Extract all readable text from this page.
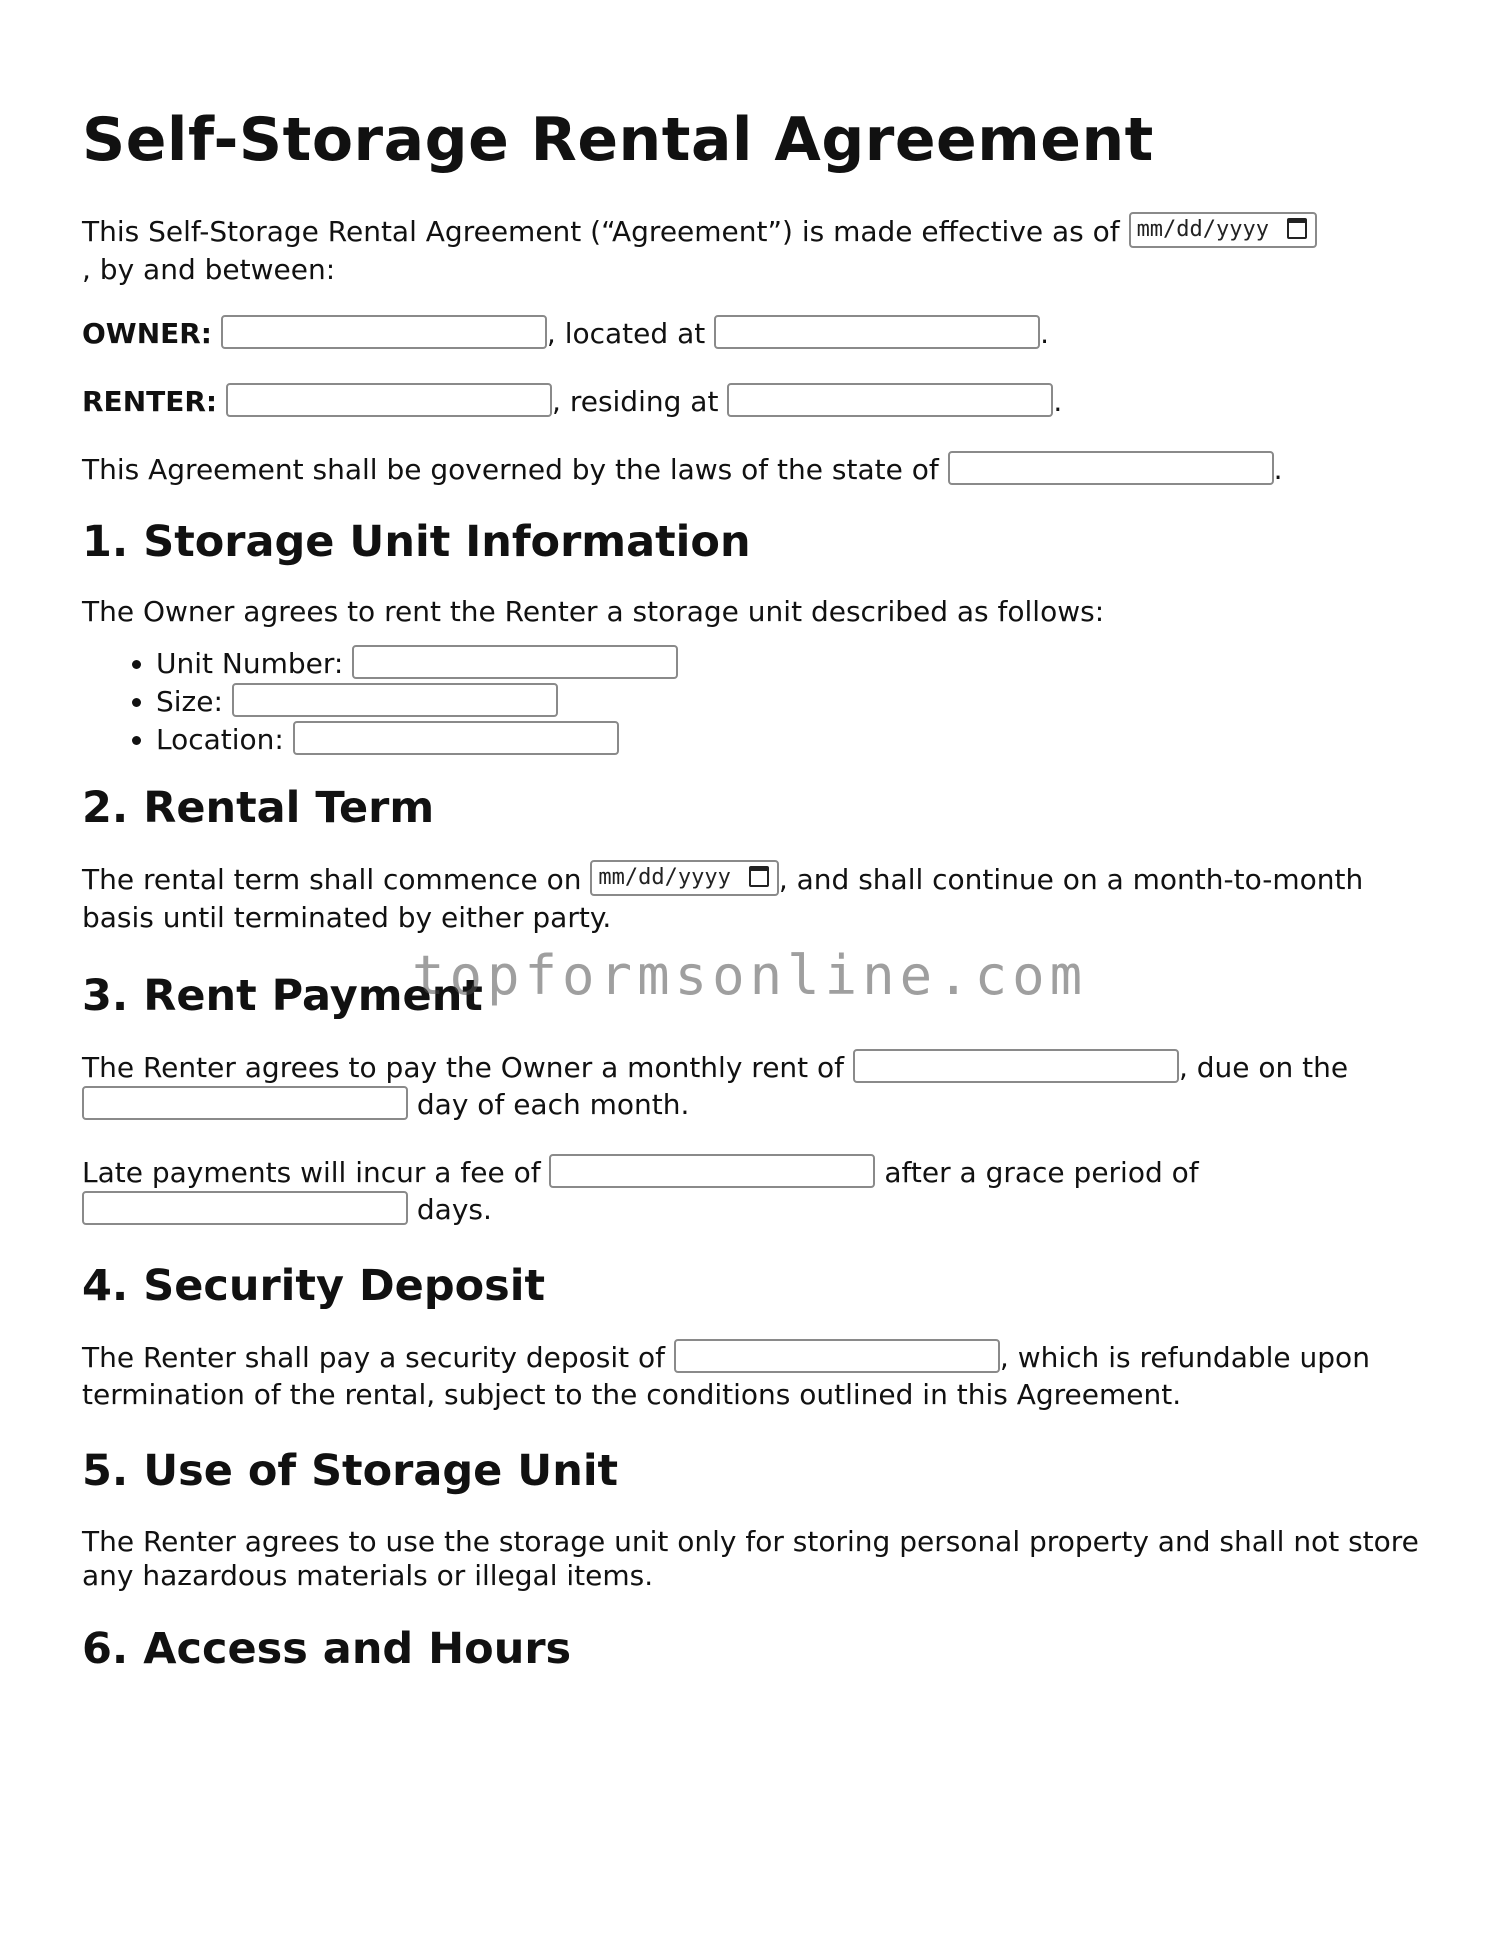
Self-Storage Rental Agreement

This Self-Storage Rental Agreement (“Agreement”) is made effective as of mm/dd/yyyy
, by and between:

OWNER:	, located at	.

RENTER:	, residing at	.

This Agreement shall be governed by the laws of the state of	.

1. Storage Unit Information

The Owner agrees to rent the Renter a storage unit described as follows:

• Unit Number:
• Size:
• Location:
2. Rental Term

The rental term shall commence on mm/dd/yyyy , and shall continue on a month-to-month basis until terminated by either party.

3. Rent Payment

The Renter agrees to pay the Owner a monthly rent of	, due on the
day of each month.

Late payments will incur a fee of	after a grace period of
days.

4. Security Deposit

The Renter shall pay a security deposit of	, which is refundable upon termination of the rental, subject to the conditions outlined in this Agreement.

5. Use of Storage Unit

The Renter agrees to use the storage unit only for storing personal property and shall not store any hazardous materials or illegal items.

6. Access and Hours
topformsonline.com
